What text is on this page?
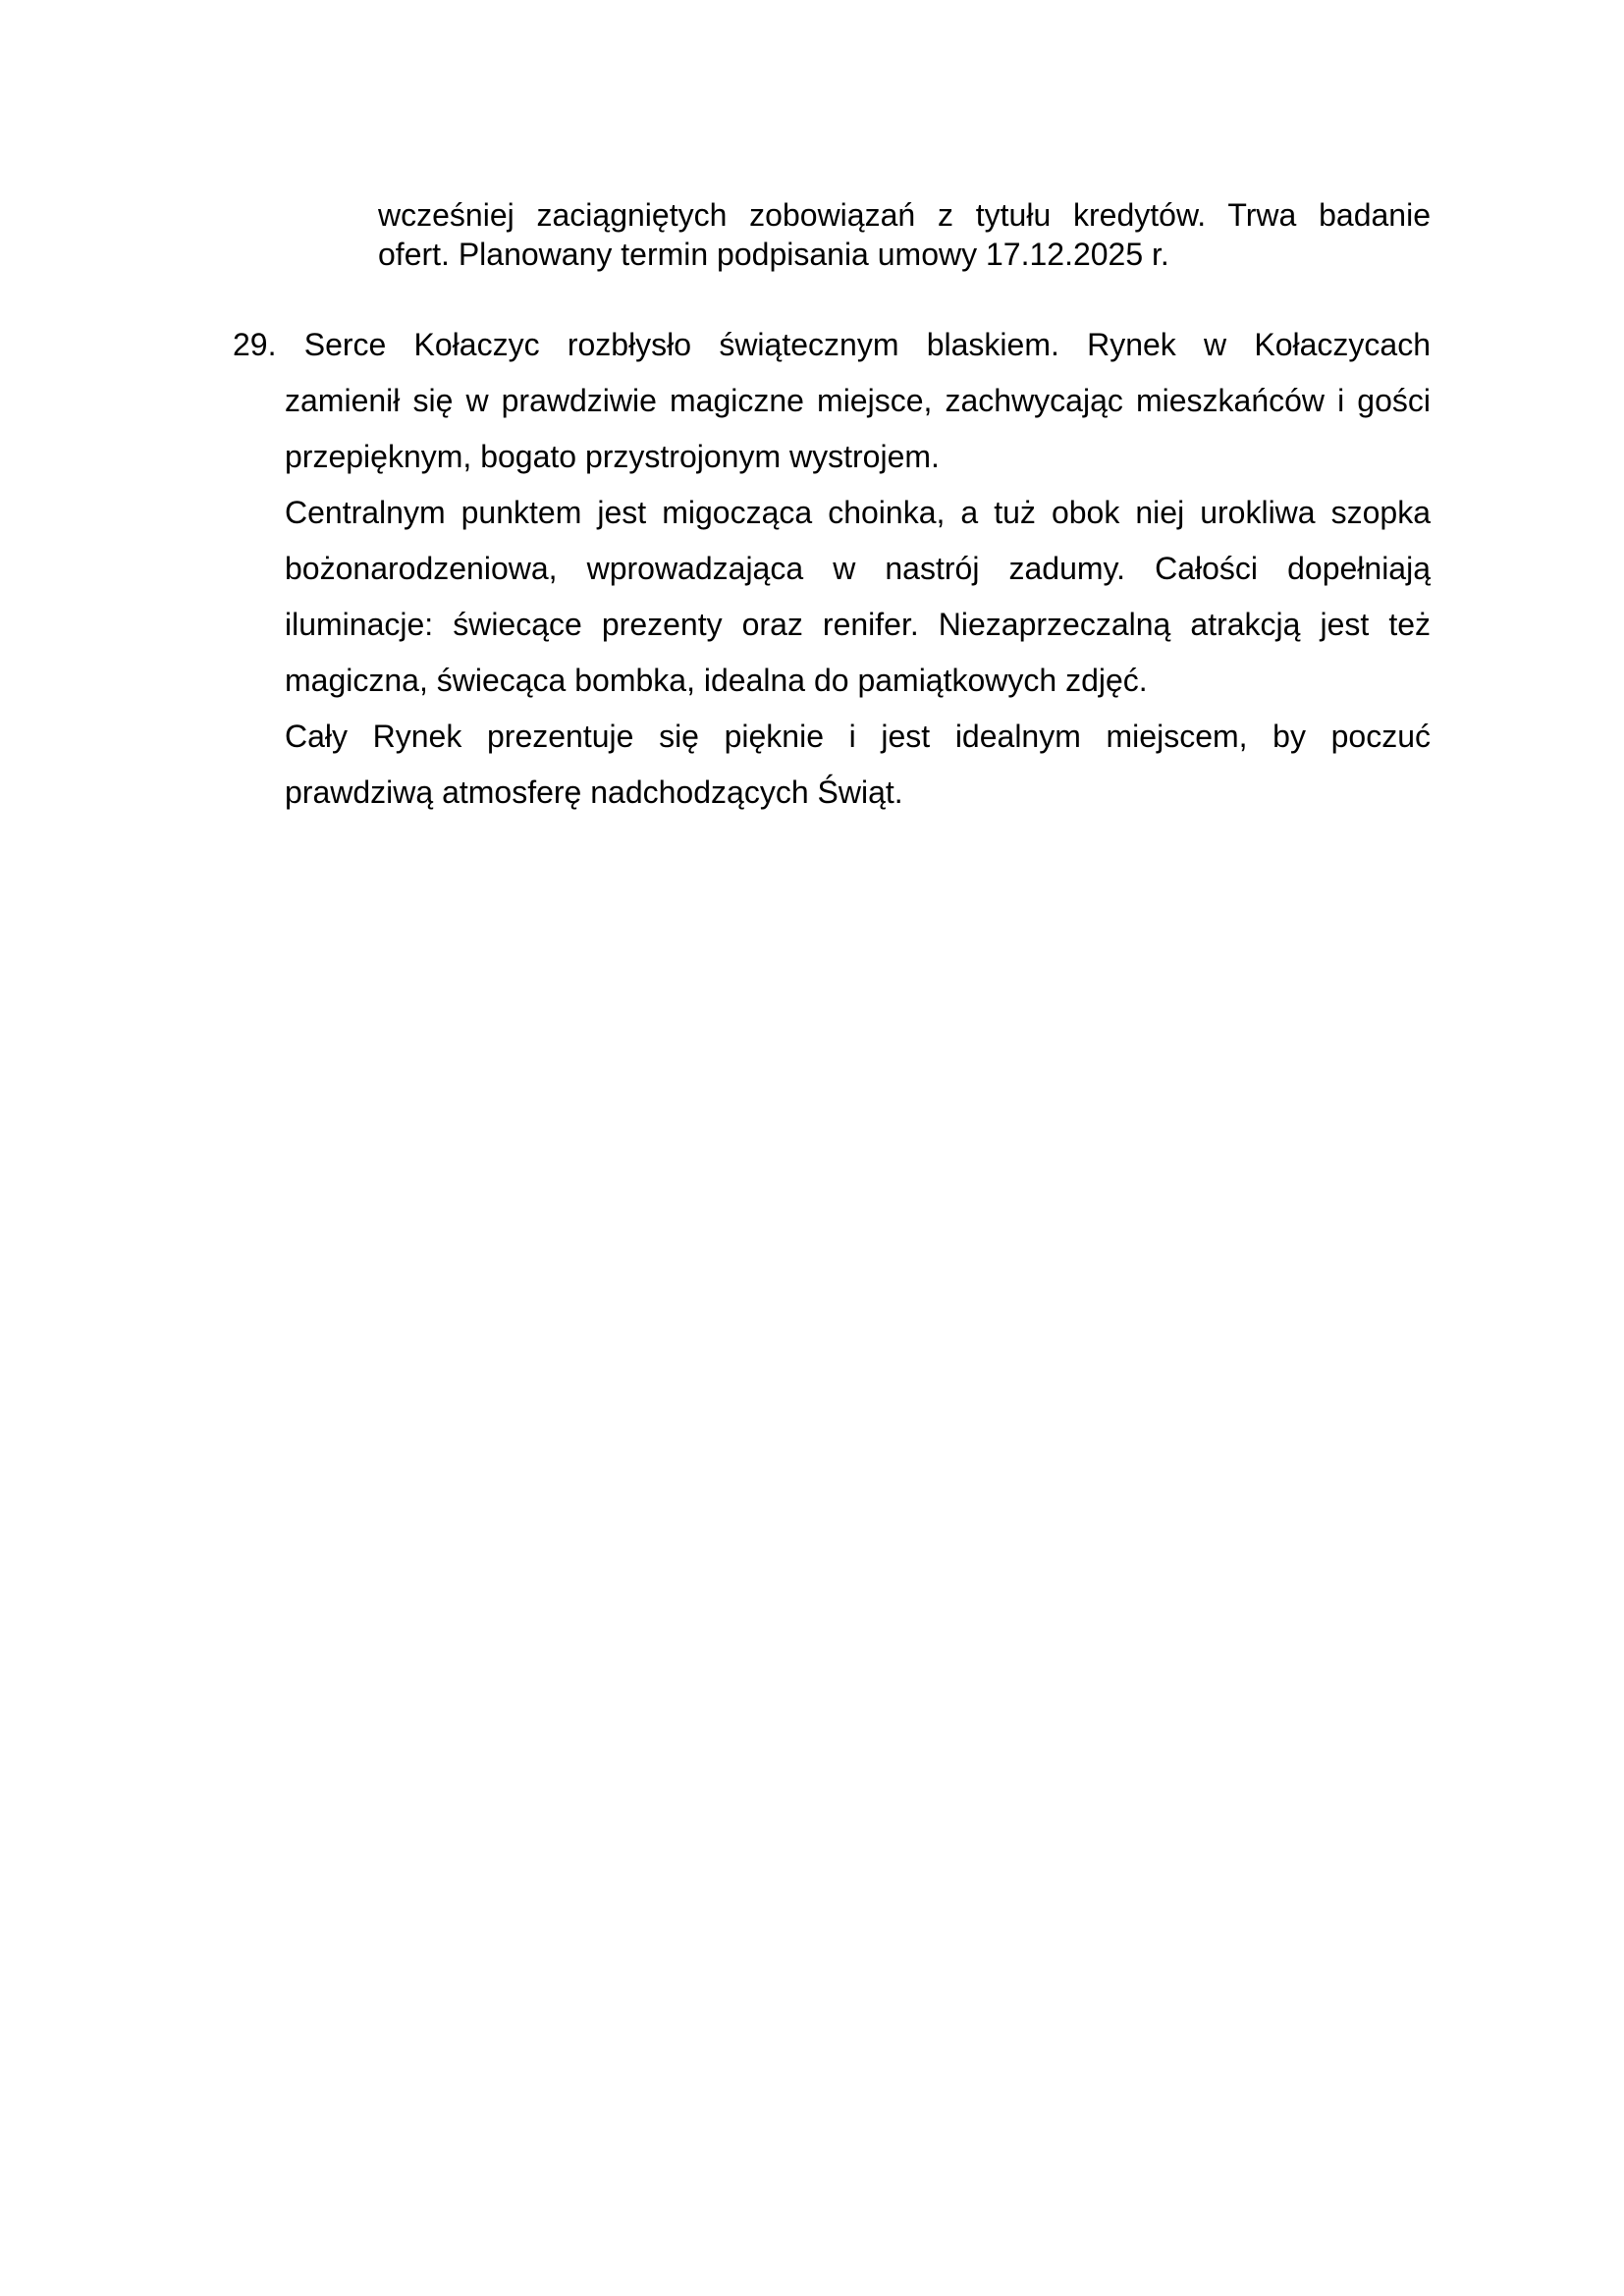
wcześniej zaciągniętych zobowiązań z tytułu kredytów. Trwa badanie
ofert. Planowany termin podpisania umowy 17.12.2025 r.
29. Serce Kołaczyc rozbłysło świątecznym blaskiem. Rynek w Kołaczycach
zamienił się w prawdziwie magiczne miejsce, zachwycając mieszkańców i gości
przepięknym, bogato przystrojonym wystrojem.
Centralnym punktem jest migocząca choinka, a tuż obok niej urokliwa szopka
bożonarodzeniowa, wprowadzająca w nastrój zadumy. Całości dopełniają
iluminacje: świecące prezenty oraz renifer. Niezaprzeczalną atrakcją jest też
magiczna, świecąca bombka, idealna do pamiątkowych zdjęć.
Cały Rynek prezentuje się pięknie i jest idealnym miejscem, by poczuć
prawdziwą atmosferę nadchodzących Świąt.
